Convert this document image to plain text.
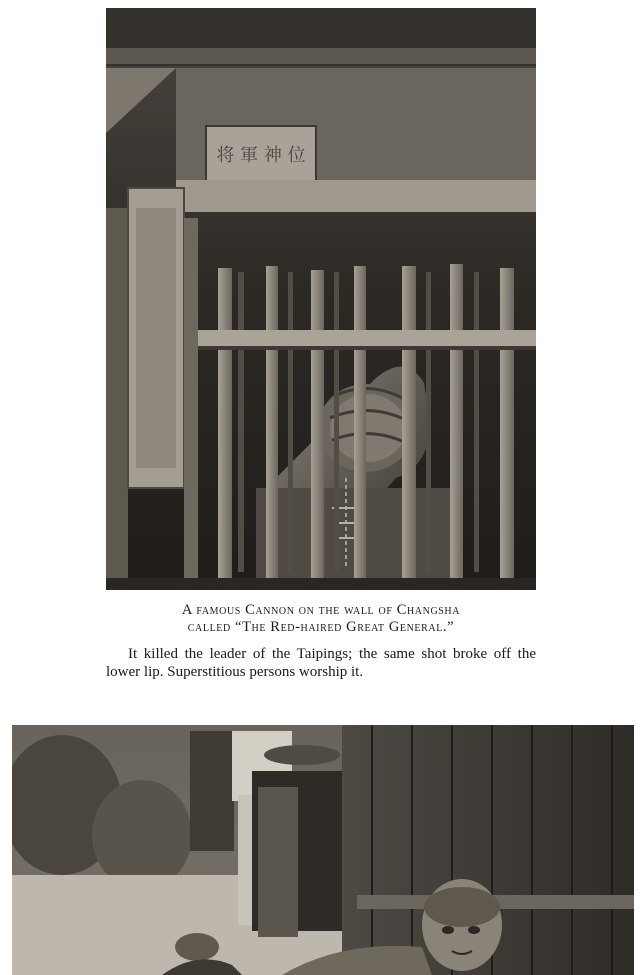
将 軍 神 位

A famous Cannon on the wall of Changsha
called “The Red-haired Great General.”

It killed the leader of the Taipings; the same shot broke off the lower lip. Superstitious persons worship it.
